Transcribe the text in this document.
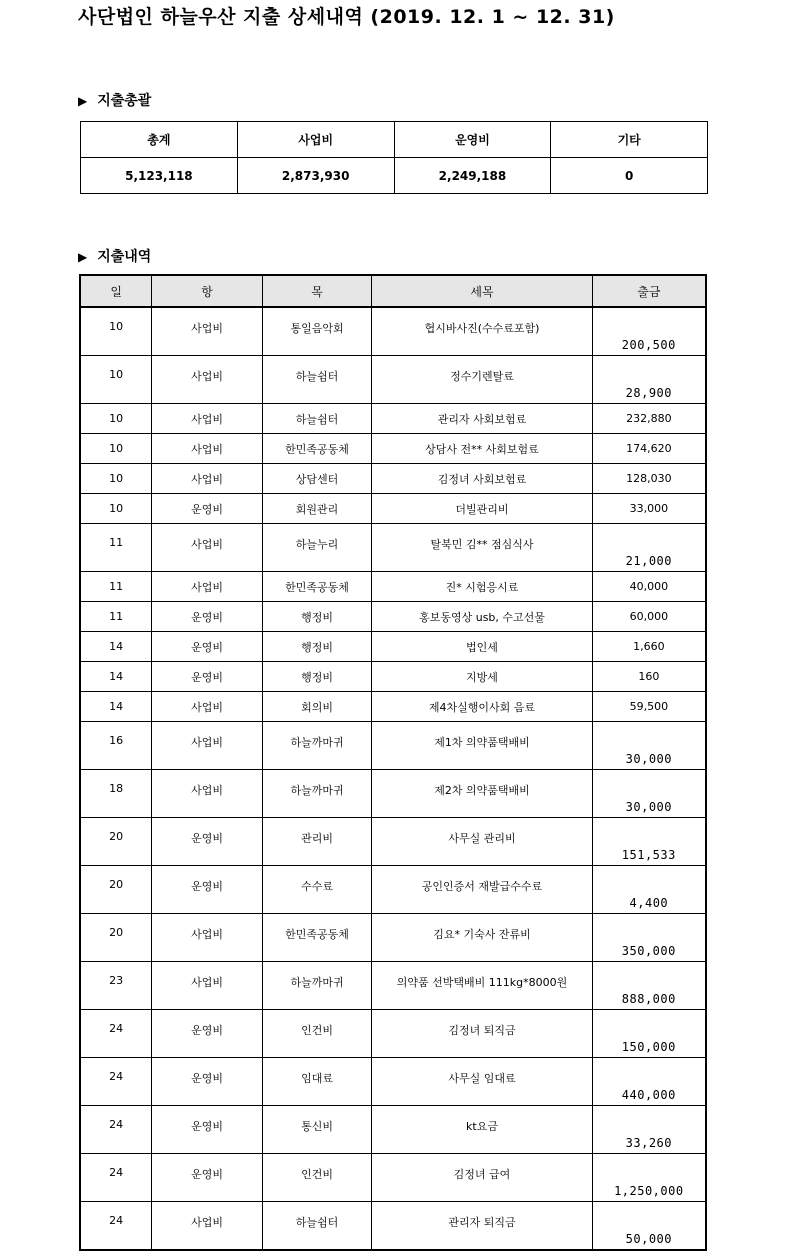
사단법인 하늘우산 지출 상세내역 (2019. 12. 1 ~ 12. 31)
▶ 지출총괄
총계	사업비	운영비	기타
5,123,118	2,873,930	2,249,188	0
▶ 지출내역
일	항	목	세목	출금
10	사업비	통일음악회	협시바사진(수수료포함)	200,500
10	사업비	하늘쉼터	정수기렌탈료	28,900
10	사업비	하늘쉼터	관리자 사회보험료	232,880
10	사업비	한민족공동체	상담사 전** 사회보험료	174,620
10	사업비	상담센터	김정녀 사회보험료	128,030
10	운영비	회원관리	더빌관리비	33,000
11	사업비	하늘누리	탈북민 김** 점심식사	21,000
11	사업비	한민족공동체	진* 시험응시료	40,000
11	운영비	행정비	홍보동영상 usb, 수고선물	60,000
14	운영비	행정비	법인세	1,660
14	운영비	행정비	지방세	160
14	사업비	회의비	제4차실행이사회 음료	59,500
16	사업비	하늘까마귀	제1차 의약품택배비	30,000
18	사업비	하늘까마귀	제2차 의약품택배비	30,000
20	운영비	관리비	사무실 관리비	151,533
20	운영비	수수료	공인인증서 재발급수수료	4,400
20	사업비	한민족공동체	김요* 기숙사 잔류비	350,000
23	사업비	하늘까마귀	의약품 선박택배비 111kg*8000원	888,000
24	운영비	인건비	김정녀 퇴직금	150,000
24	운영비	임대료	사무실 임대료	440,000
24	운영비	통신비	kt요금	33,260
24	운영비	인건비	김정녀 급여	1,250,000
24	사업비	하늘쉼터	관리자 퇴직금	50,000
